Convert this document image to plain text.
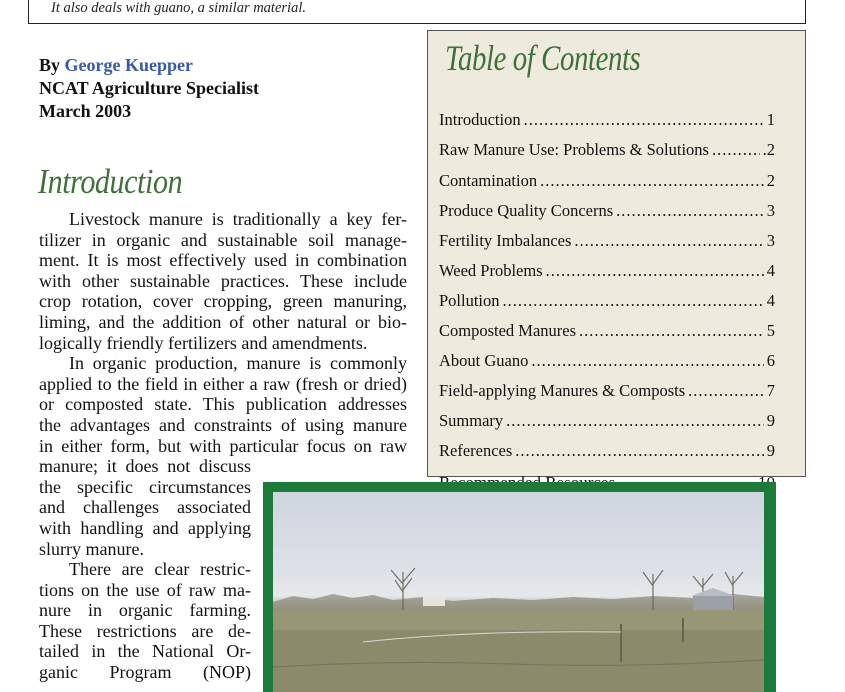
It also deals with guano, a similar material.
By George Kuepper
NCAT Agriculture Specialist
March 2003
Introduction
Livestock manure is traditionally a key fer-
tilizer in organic and sustainable soil manage-
ment. It is most effectively used in combination
with other sustainable practices. These include
crop rotation, cover cropping, green manuring,
liming, and the addition of other natural or bio-
logically friendly fertilizers and amendments.
In organic production, manure is commonly
applied to the field in either a raw (fresh or dried)
or composted state. This publication addresses
the advantages and constraints of using manure
in either form, but with particular focus on raw
manure; it does not discuss
the specific circumstances
and challenges associated
with handling and applying
slurry manure.
There are clear restric-
tions on the use of raw ma-
nure in organic farming.
These restrictions are de-
tailed in the National Or-
ganic Program (NOP)
Table of Contents
Introduction .....	1
Raw Manure Use: Problems & Solutions .....	.2
Contamination .....	2
Produce Quality Concerns .....	3
Fertility Imbalances .....	3
Weed Problems .....	4
Pollution .....	4
Composted Manures .....	5
About Guano .....	6
Field-applying Manures & Composts .....	7
Summary .....	9
References .....	9
.....
